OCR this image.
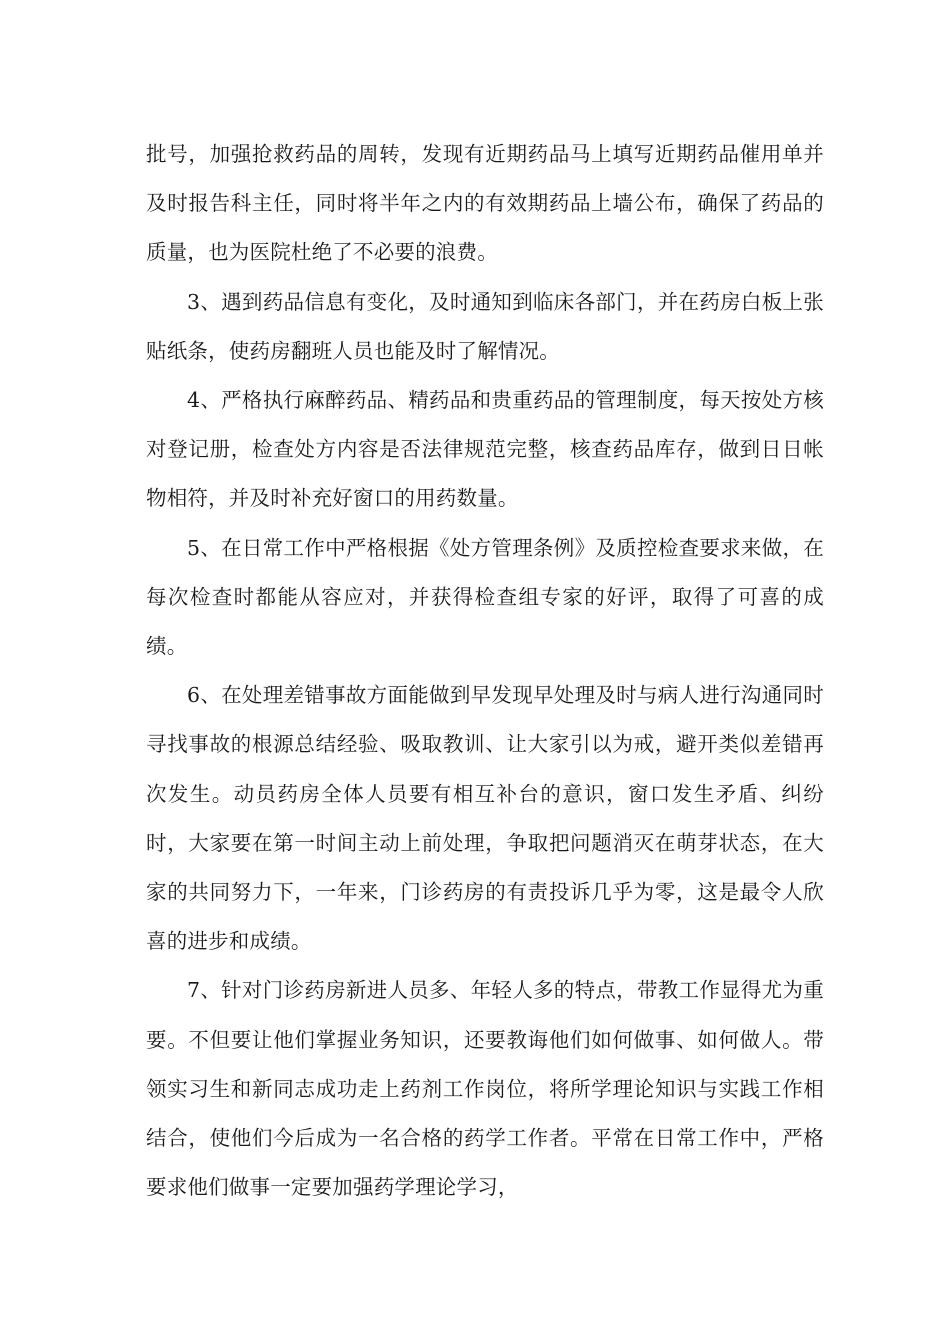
批号，加强抢救药品的周转，发现有近期药品马上填写近期药品催用单并及时报告科主任，同时将半年之内的有效期药品上墙公布，确保了药品的质量，也为医院杜绝了不必要的浪费。

3、遇到药品信息有变化，及时通知到临床各部门，并在药房白板上张贴纸条，使药房翻班人员也能及时了解情况。

4、严格执行麻醉药品、精药品和贵重药品的管理制度，每天按处方核对登记册，检查处方内容是否法律规范完整，核查药品库存，做到日日帐物相符，并及时补充好窗口的用药数量。

5、在日常工作中严格根据《处方管理条例》及质控检查要求来做，在每次检查时都能从容应对，并获得检查组专家的好评，取得了可喜的成绩。

6、在处理差错事故方面能做到早发现早处理及时与病人进行沟通同时寻找事故的根源总结经验、吸取教训、让大家引以为戒，避开类似差错再次发生。动员药房全体人员要有相互补台的意识，窗口发生矛盾、纠纷时，大家要在第一时间主动上前处理，争取把问题消灭在萌芽状态，在大家的共同努力下，一年来，门诊药房的有责投诉几乎为零，这是最令人欣喜的进步和成绩。

7、针对门诊药房新进人员多、年轻人多的特点，带教工作显得尤为重要。不但要让他们掌握业务知识，还要教诲他们如何做事、如何做人。带领实习生和新同志成功走上药剂工作岗位，将所学理论知识与实践工作相结合，使他们今后成为一名合格的药学工作者。平常在日常工作中，严格要求他们做事一定要加强药学理论学习，
